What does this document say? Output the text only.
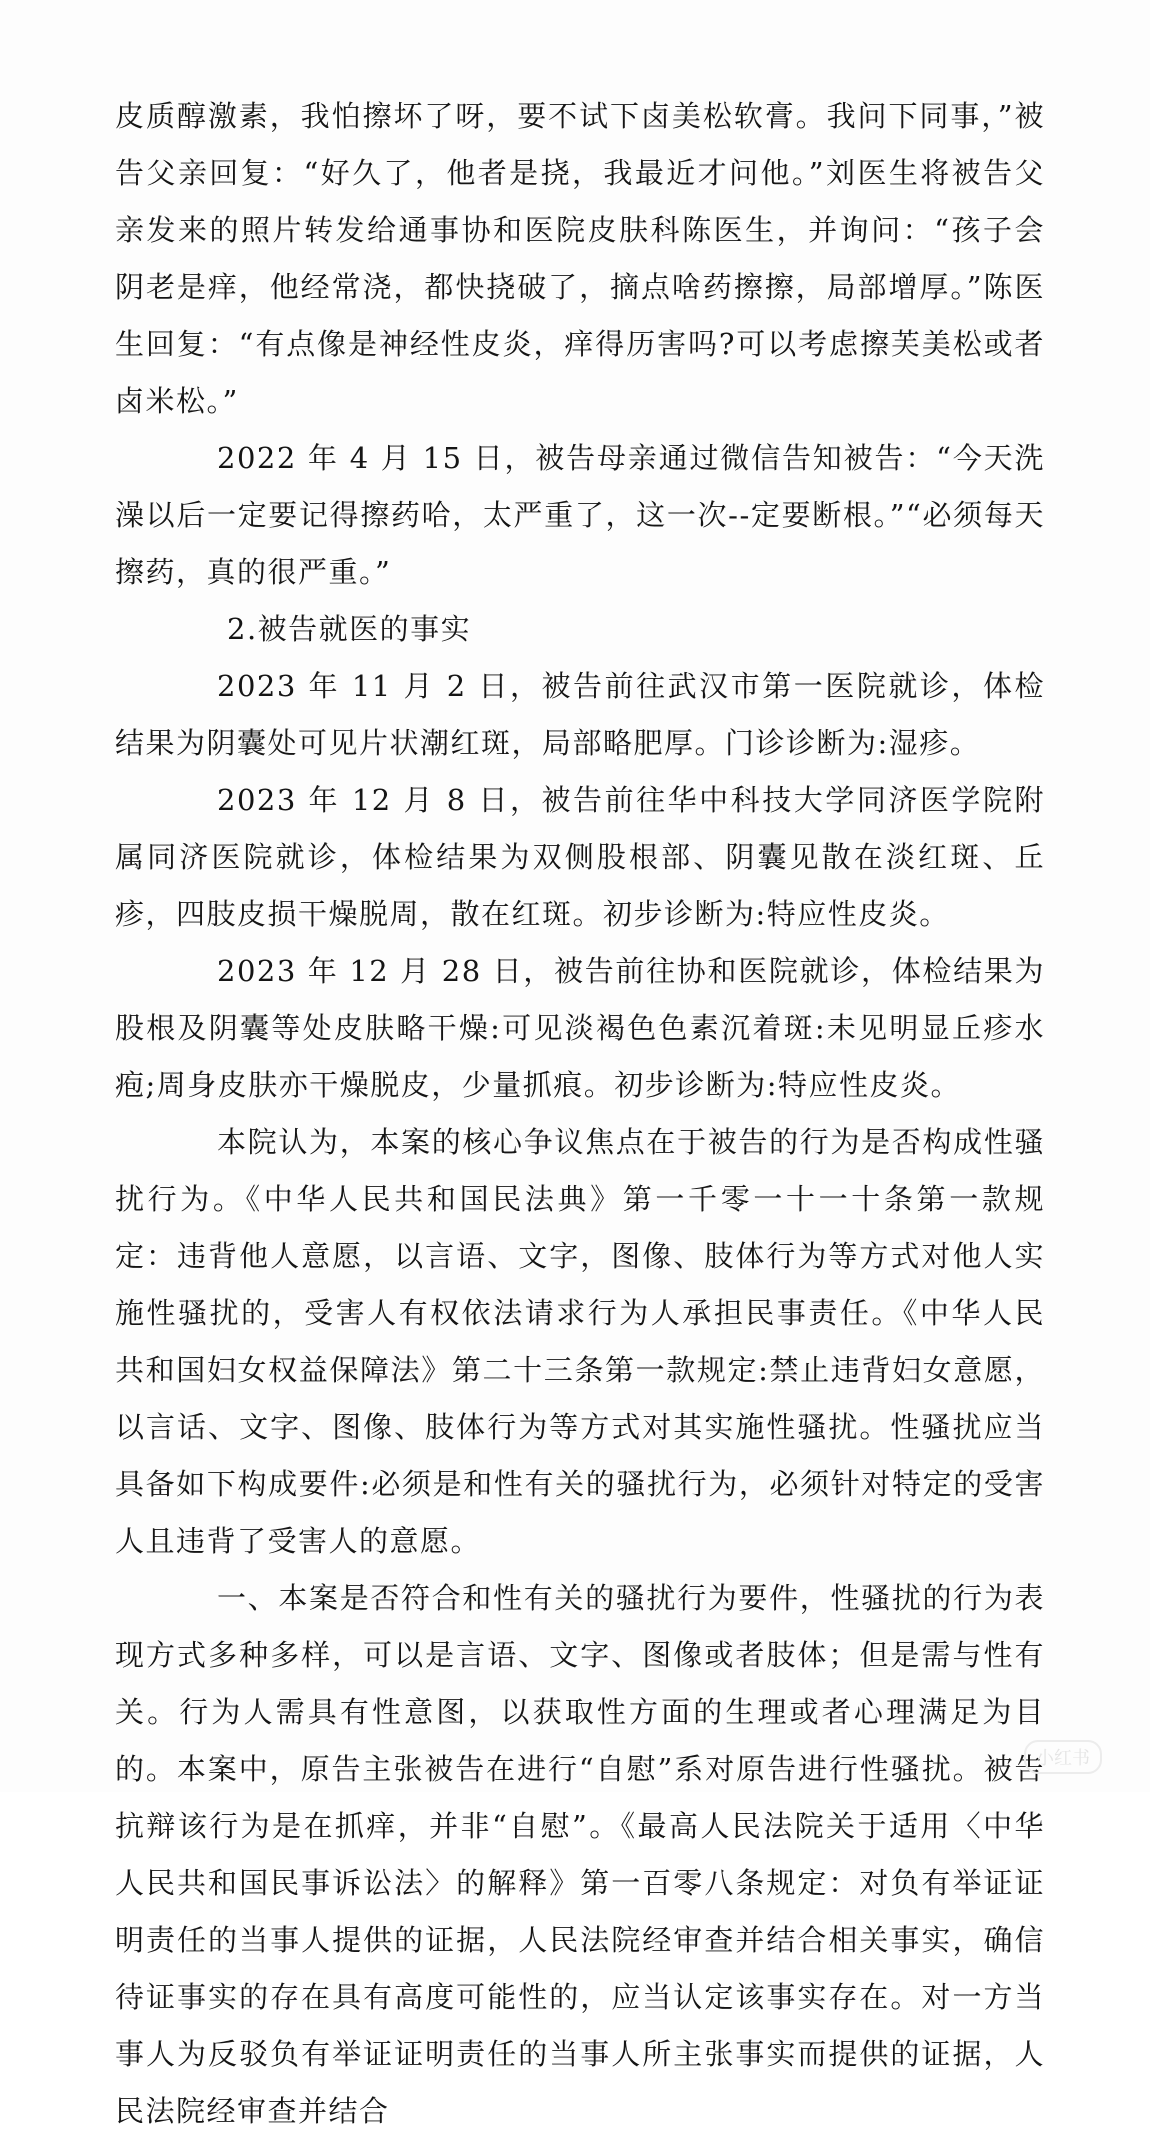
皮质醇激素，我怕擦坏了呀，要不试下卤美松软膏。我问下同事，”被告父亲回复：“好久了，他者是挠，我最近才问他。”刘医生将被告父亲发来的照片转发给通事协和医院皮肤科陈医生，并询问：“孩子会阴老是痒，他经常浇，都快挠破了，摘点啥药擦擦，局部增厚。”陈医生回复：“有点像是神经性皮炎，痒得历害吗?可以考虑擦芙美松或者卤米松。”

2022 年 4 月 15 日，被告母亲通过微信告知被告：“今天洗澡以后一定要记得擦药哈，太严重了，这一次--定要断根。”“必须每天擦药，真的很严重。”

2.被告就医的事实

2023 年 11 月 2 日，被告前往武汉市第一医院就诊，体检结果为阴囊处可见片状潮红斑，局部略肥厚。门诊诊断为:湿疹。

2023 年 12 月 8 日，被告前往华中科技大学同济医学院附属同济医院就诊，体检结果为双侧股根部、阴囊见散在淡红斑、丘疹，四肢皮损干燥脱周，散在红斑。初步诊断为:特应性皮炎。

2023 年 12 月 28 日，被告前往协和医院就诊，体检结果为股根及阴囊等处皮肤略干燥:可见淡褐色色素沉着斑:未见明显丘疹水疱;周身皮肤亦干燥脱皮，少量抓痕。初步诊断为:特应性皮炎。

本院认为，本案的核心争议焦点在于被告的行为是否构成性骚扰行为。《中华人民共和国民法典》第一千零一十一十条第一款规定：违背他人意愿，以言语、文字，图像、肢体行为等方式对他人实施性骚扰的，受害人有权依法请求行为人承担民事责任。《中华人民共和国妇女权益保障法》第二十三条第一款规定:禁止违背妇女意愿，以言话、文字、图像、肢体行为等方式对其实施性骚扰。性骚扰应当具备如下构成要件:必须是和性有关的骚扰行为，必须针对特定的受害人且违背了受害人的意愿。

一、本案是否符合和性有关的骚扰行为要件，性骚扰的行为表现方式多种多样，可以是言语、文字、图像或者肢体；但是需与性有关。行为人需具有性意图，以获取性方面的生理或者心理满足为目的。本案中，原告主张被告在进行“自慰”系对原告进行性骚扰。被告抗辩该行为是在抓痒，并非“自慰”。《最高人民法院关于适用〈中华人民共和国民事诉讼法〉的解释》第一百零八条规定：对负有举证证明责任的当事人提供的证据，人民法院经审查并结合相关事实，确信待证事实的存在具有高度可能性的，应当认定该事实存在。对一方当事人为反驳负有举证证明责任的当事人所主张事实而提供的证据，人民法院经审查并结合

小红书
